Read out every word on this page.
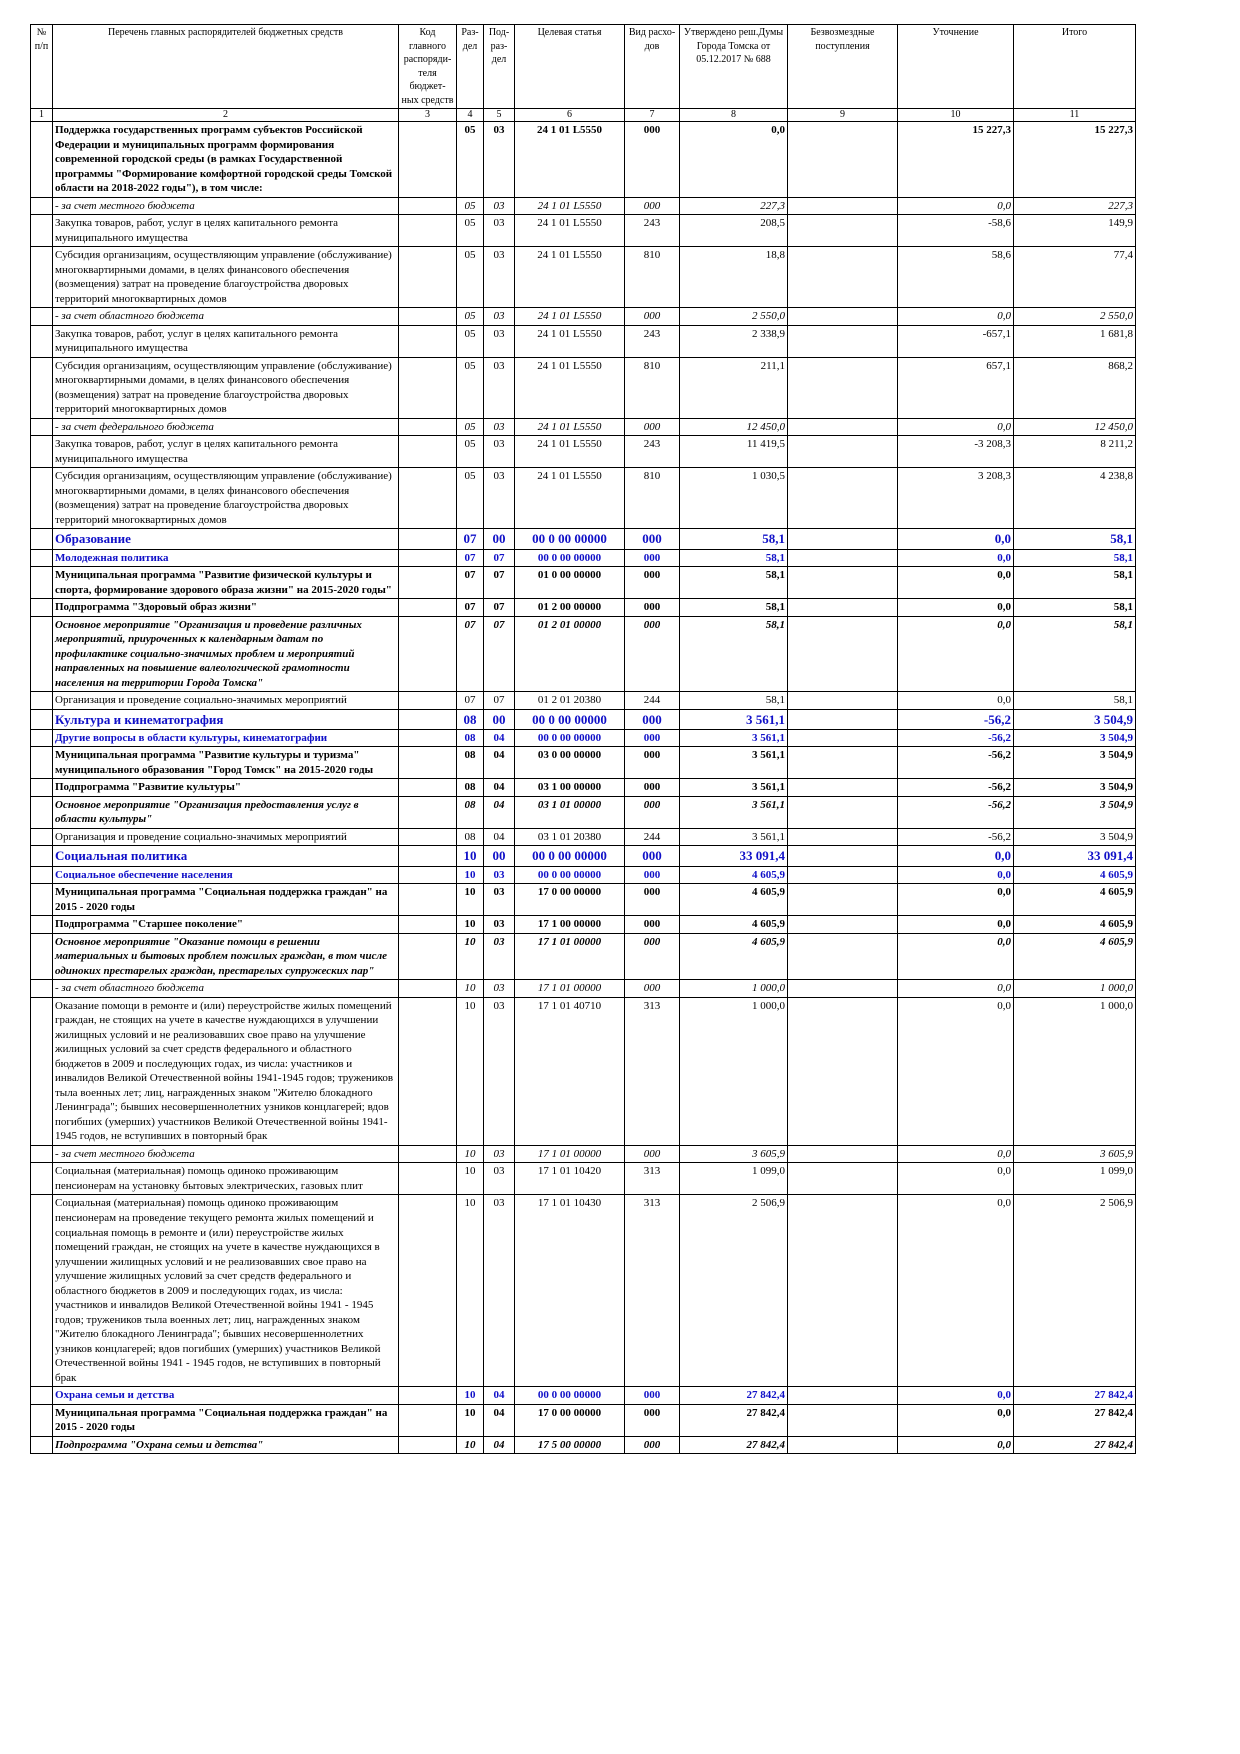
№ п/п	Перечень главных распорядителей бюджетных средств	Код главного распоряди-теля бюджет-ных средств	Раз-дел	Под-раз-дел	Целевая статья	Вид расхо-дов	Утверждено реш.Думы Города Томска от 05.12.2017 № 688	Безвозмездные поступления	Уточнение	Итого
1	2	3	4	5	6	7	8	9	10	11
	Поддержка государственных программ субъектов Российской Федерации и муниципальных программ формирования современной городской среды (в рамках Государственной программы "Формирование комфортной городской среды Томской области на 2018-2022 годы"), в том числе:		05	03	24 1 01 L5550	000	0,0		15 227,3	15 227,3
	- за счет местного бюджета		05	03	24 1 01 L5550	000	227,3		0,0	227,3
	Закупка товаров, работ, услуг в целях капитального ремонта муниципального имущества		05	03	24 1 01 L5550	243	208,5		-58,6	149,9
	Субсидия организациям, осуществляющим управление (обслуживание) многоквартирными домами, в целях финансового обеспечения (возмещения) затрат на проведение благоустройства дворовых территорий многоквартирных домов		05	03	24 1 01 L5550	810	18,8		58,6	77,4
	- за счет областного бюджета		05	03	24 1 01 L5550	000	2 550,0		0,0	2 550,0
	Закупка товаров, работ, услуг в целях капитального ремонта муниципального имущества		05	03	24 1 01 L5550	243	2 338,9		-657,1	1 681,8
	Субсидия организациям, осуществляющим управление (обслуживание) многоквартирными домами, в целях финансового обеспечения (возмещения) затрат на проведение благоустройства дворовых территорий многоквартирных домов		05	03	24 1 01 L5550	810	211,1		657,1	868,2
	- за счет федерального бюджета		05	03	24 1 01 L5550	000	12 450,0		0,0	12 450,0
	Закупка товаров, работ, услуг в целях капитального ремонта муниципального имущества		05	03	24 1 01 L5550	243	11 419,5		-3 208,3	8 211,2
	Субсидия организациям, осуществляющим управление (обслуживание) многоквартирными домами, в целях финансового обеспечения (возмещения) затрат на проведение благоустройства дворовых территорий многоквартирных домов		05	03	24 1 01 L5550	810	1 030,5		3 208,3	4 238,8
	Образование		07	00	00 0 00 00000	000	58,1		0,0	58,1
	Молодежная политика		07	07	00 0 00 00000	000	58,1		0,0	58,1
	Муниципальная программа "Развитие физической культуры и спорта, формирование здорового образа жизни" на 2015-2020 годы"		07	07	01 0 00 00000	000	58,1		0,0	58,1
	Подпрограмма "Здоровый образ жизни"		07	07	01 2 00 00000	000	58,1		0,0	58,1
	Основное мероприятие "Организация и проведение различных мероприятий, приуроченных к календарным датам по профилактике социально-значимых проблем и мероприятий направленных на повышение валеологической грамотности населения на территории Города Томска"		07	07	01 2 01 00000	000	58,1		0,0	58,1
	Организация и проведение социально-значимых мероприятий		07	07	01 2 01 20380	244	58,1		0,0	58,1
	Культура и кинематография		08	00	00 0 00 00000	000	3 561,1		-56,2	3 504,9
	Другие вопросы в области культуры, кинематографии		08	04	00 0 00 00000	000	3 561,1		-56,2	3 504,9
	Муниципальная программа "Развитие культуры и туризма" муниципального образования "Город Томск" на 2015-2020 годы		08	04	03 0 00 00000	000	3 561,1		-56,2	3 504,9
	Подпрограмма "Развитие культуры"		08	04	03 1 00 00000	000	3 561,1		-56,2	3 504,9
	Основное мероприятие "Организация предоставления услуг в области культуры"		08	04	03 1 01 00000	000	3 561,1		-56,2	3 504,9
	Организация и проведение социально-значимых мероприятий		08	04	03 1 01 20380	244	3 561,1		-56,2	3 504,9
	Социальная политика		10	00	00 0 00 00000	000	33 091,4		0,0	33 091,4
	Социальное обеспечение населения		10	03	00 0 00 00000	000	4 605,9		0,0	4 605,9
	Муниципальная программа "Социальная поддержка граждан" на 2015 - 2020 годы		10	03	17 0 00 00000	000	4 605,9		0,0	4 605,9
	Подпрограмма "Старшее поколение"		10	03	17 1 00 00000	000	4 605,9		0,0	4 605,9
	Основное мероприятие "Оказание помощи в решении материальных и бытовых проблем пожилых граждан, в том числе одиноких престарелых граждан, престарелых супружеских пар"		10	03	17 1 01 00000	000	4 605,9		0,0	4 605,9
	- за счет областного бюджета		10	03	17 1 01 00000	000	1 000,0		0,0	1 000,0
	Оказание помощи в ремонте и (или) переустройстве жилых помещений граждан, не стоящих на учете в качестве нуждающихся в улучшении жилищных условий и не реализовавших свое право на улучшение жилищных условий за счет средств федерального и областного бюджетов в 2009 и последующих годах, из числа: участников и инвалидов Великой Отечественной войны 1941-1945 годов; тружеников тыла военных лет; лиц, награжденных знаком "Жителю блокадного Ленинграда"; бывших несовершеннолетних узников концлагерей; вдов погибших (умерших) участников Великой Отечественной войны 1941-1945 годов, не вступивших в повторный брак		10	03	17 1 01 40710	313	1 000,0		0,0	1 000,0
	- за счет местного бюджета		10	03	17 1 01 00000	000	3 605,9		0,0	3 605,9
	Социальная (материальная) помощь одиноко проживающим пенсионерам на установку бытовых электрических, газовых плит		10	03	17 1 01 10420	313	1 099,0		0,0	1 099,0
	Социальная (материальная) помощь одиноко проживающим пенсионерам на проведение текущего ремонта жилых помещений и социальная помощь в ремонте и (или) переустройстве жилых помещений граждан, не стоящих на учете в качестве нуждающихся в улучшении жилищных условий и не реализовавших свое право на улучшение жилищных условий за счет средств федерального и областного бюджетов в 2009 и последующих годах, из числа: участников и инвалидов Великой Отечественной войны 1941 - 1945 годов; тружеников тыла военных лет; лиц, награжденных знаком "Жителю блокадного Ленинграда"; бывших несовершеннолетних узников концлагерей; вдов погибших (умерших) участников Великой Отечественной войны 1941 - 1945 годов, не вступивших в повторный брак		10	03	17 1 01 10430	313	2 506,9		0,0	2 506,9
	Охрана семьи и детства		10	04	00 0 00 00000	000	27 842,4		0,0	27 842,4
	Муниципальная программа "Социальная поддержка граждан" на 2015 - 2020 годы		10	04	17 0 00 00000	000	27 842,4		0,0	27 842,4
	Подпрограмма "Охрана семьи и детства"		10	04	17 5 00 00000	000	27 842,4		0,0	27 842,4
